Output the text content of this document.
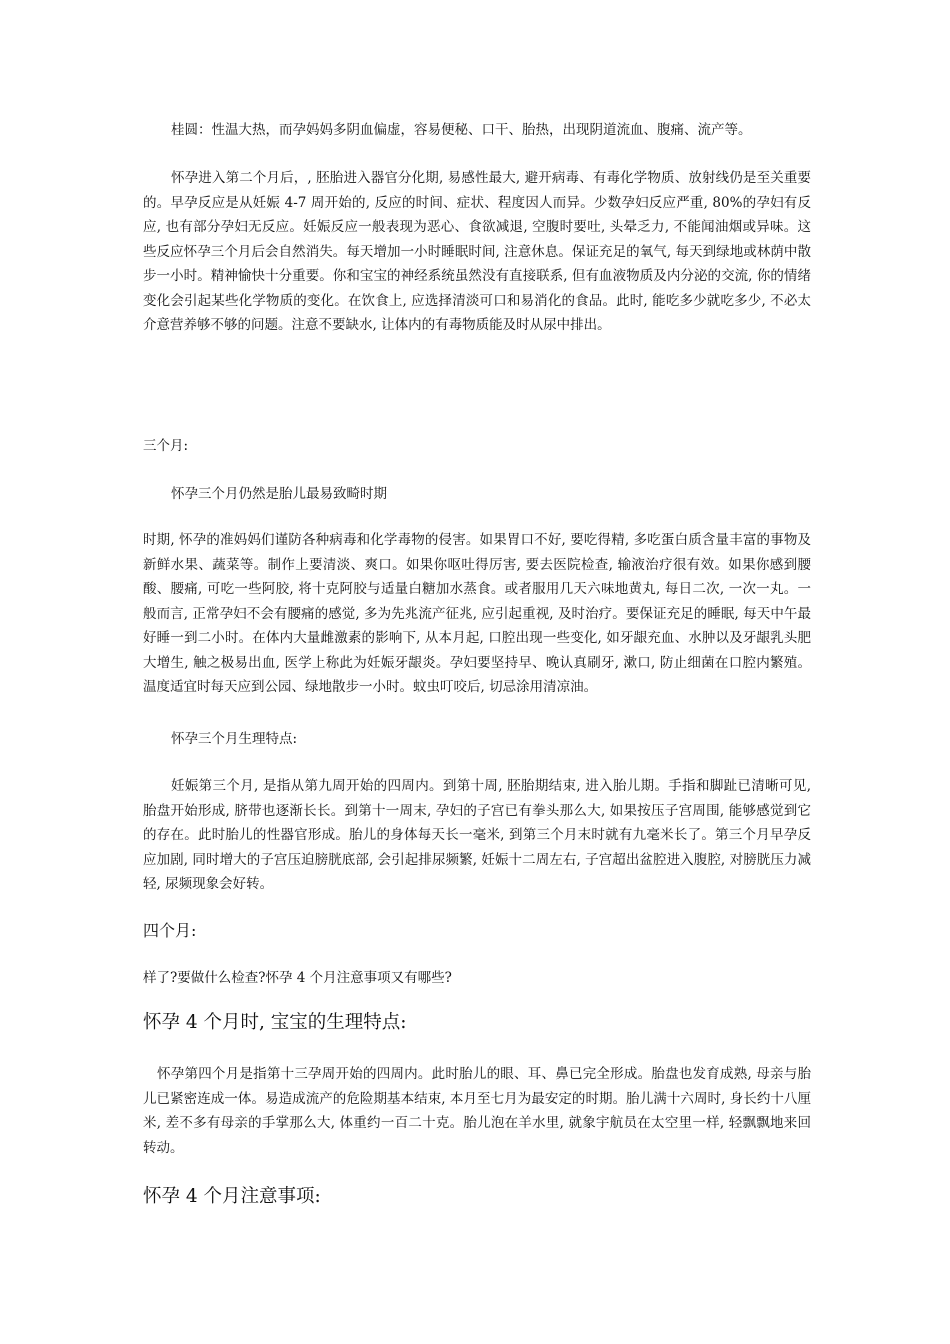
桂圆：性温大热，而孕妈妈多阴血偏虚，容易便秘、口干、胎热，出现阴道流血、腹痛、流产等。

怀孕进入第二个月后，, 胚胎进入器官分化期, 易感性最大, 避开病毒、有毒化学物质、放射线仍是至关重要的。早孕反应是从妊娠 4-7 周开始的, 反应的时间、症状、程度因人而异。少数孕妇反应严重, 80%的孕妇有反应, 也有部分孕妇无反应。妊娠反应一般表现为恶心、食欲减退, 空腹时要吐, 头晕乏力, 不能闻油烟或异味。这些反应怀孕三个月后会自然消失。每天增加一小时睡眠时间, 注意休息。保证充足的氧气, 每天到绿地或林荫中散步一小时。精神愉快十分重要。你和宝宝的神经系统虽然没有直接联系, 但有血液物质及内分泌的交流, 你的情绪变化会引起某些化学物质的变化。在饮食上, 应选择清淡可口和易消化的食品。此时, 能吃多少就吃多少, 不必太介意营养够不够的问题。注意不要缺水, 让体内的有毒物质能及时从尿中排出。

三个月:

怀孕三个月仍然是胎儿最易致畸时期

时期, 怀孕的准妈妈们谨防各种病毒和化学毒物的侵害。如果胃口不好, 要吃得精, 多吃蛋白质含量丰富的事物及新鲜水果、蔬菜等。制作上要清淡、爽口。如果你呕吐得厉害, 要去医院检查, 输液治疗很有效。如果你感到腰酸、腰痛, 可吃一些阿胶, 将十克阿胶与适量白糖加水蒸食。或者服用几天六味地黄丸, 每日二次, 一次一丸。一般而言, 正常孕妇不会有腰痛的感觉, 多为先兆流产征兆, 应引起重视, 及时治疗。要保证充足的睡眠, 每天中午最好睡一到二小时。在体内大量雌激素的影响下, 从本月起, 口腔出现一些变化, 如牙龈充血、水肿以及牙龈乳头肥大增生, 触之极易出血, 医学上称此为妊娠牙龈炎。孕妇要坚持早、晚认真刷牙, 漱口, 防止细菌在口腔内繁殖。温度适宜时每天应到公园、绿地散步一小时。蚊虫叮咬后, 切忌涂用清凉油。

怀孕三个月生理特点:

妊娠第三个月, 是指从第九周开始的四周内。到第十周, 胚胎期结束, 进入胎儿期。手指和脚趾已清晰可见, 胎盘开始形成, 脐带也逐渐长长。到第十一周末, 孕妇的子宫已有拳头那么大, 如果按压子宫周围, 能够感觉到它的存在。此时胎儿的性器官形成。胎儿的身体每天长一毫米, 到第三个月末时就有九毫米长了。第三个月早孕反应加剧, 同时增大的子宫压迫膀胱底部, 会引起排尿频繁, 妊娠十二周左右, 子宫超出盆腔进入腹腔, 对膀胱压力减轻, 尿频现象会好转。

四个月:

样了?要做什么检查?怀孕 4 个月注意事项又有哪些?

怀孕 4 个月时, 宝宝的生理特点:

怀孕第四个月是指第十三孕周开始的四周内。此时胎儿的眼、耳、鼻已完全形成。胎盘也发育成熟, 母亲与胎儿已紧密连成一体。易造成流产的危险期基本结束, 本月至七月为最安定的时期。胎儿满十六周时, 身长约十八厘米, 差不多有母亲的手掌那么大, 体重约一百二十克。胎儿泡在羊水里, 就象宇航员在太空里一样, 轻飘飘地来回转动。

怀孕 4 个月注意事项:
